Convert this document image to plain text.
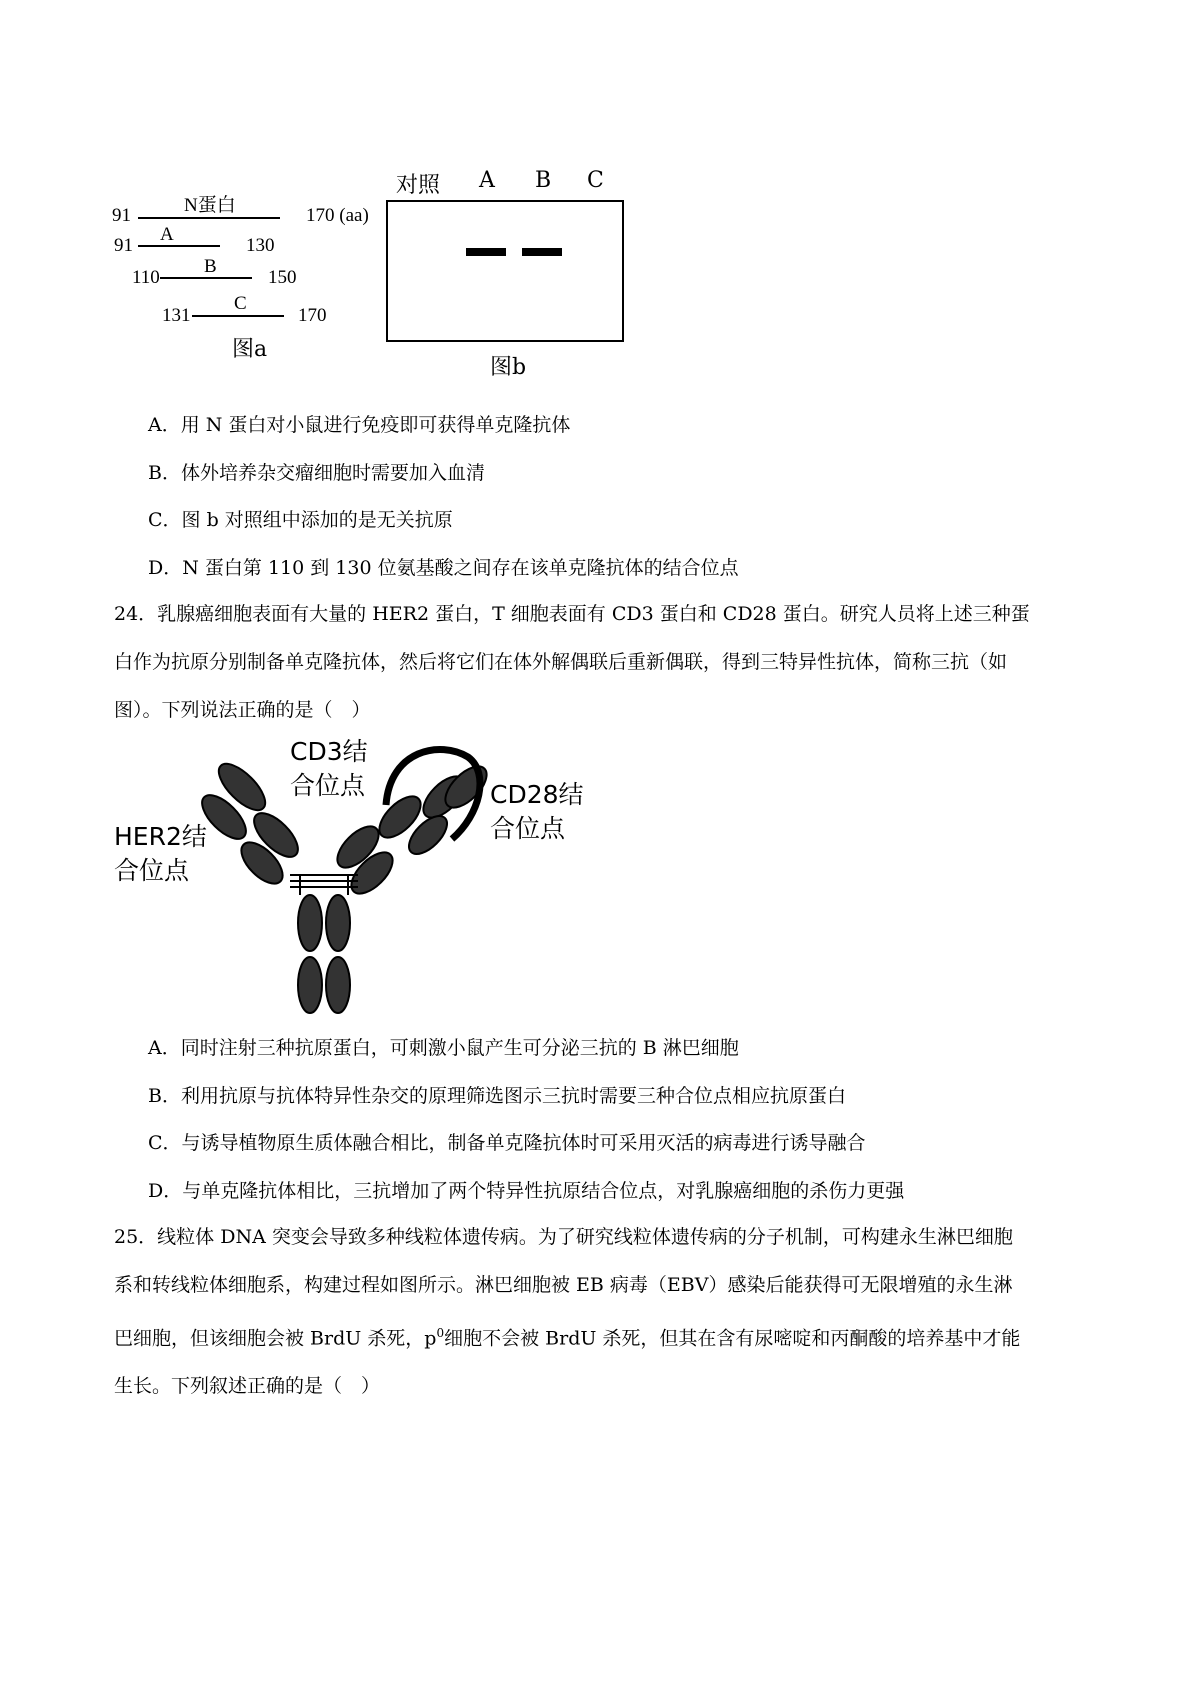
N蛋白
91	170 (aa)
A
91	130
B
110	150
C
131	170
图a
对照 A B C
图b
A．用 N 蛋白对小鼠进行免疫即可获得单克隆抗体
B．体外培养杂交瘤细胞时需要加入血清
C．图 b 对照组中添加的是无关抗原
D．N 蛋白第 110 到 130 位氨基酸之间存在该单克隆抗体的结合位点
24．乳腺癌细胞表面有大量的 HER2 蛋白，T 细胞表面有 CD3 蛋白和 CD28 蛋白。研究人员将上述三种蛋
白作为抗原分别制备单克隆抗体，然后将它们在体外解偶联后重新偶联，得到三特异性抗体，简称三抗（如
图）。下列说法正确的是（　）
CD3结
合位点	CD28结
合位点
HER2结
合位点
A．同时注射三种抗原蛋白，可刺激小鼠产生可分泌三抗的 B 淋巴细胞
B．利用抗原与抗体特异性杂交的原理筛选图示三抗时需要三种合位点相应抗原蛋白
C．与诱导植物原生质体融合相比，制备单克隆抗体时可采用灭活的病毒进行诱导融合
D．与单克隆抗体相比，三抗增加了两个特异性抗原结合位点，对乳腺癌细胞的杀伤力更强
25．线粒体 DNA 突变会导致多种线粒体遗传病。为了研究线粒体遗传病的分子机制，可构建永生淋巴细胞
系和转线粒体细胞系，构建过程如图所示。淋巴细胞被 EB 病毒（EBV）感染后能获得可无限增殖的永生淋
巴细胞，但该细胞会被 BrdU 杀死，$p^0$细胞不会被 BrdU 杀死，但其在含有尿嘧啶和丙酮酸的培养基中才能
生长。下列叙述正确的是（　）
